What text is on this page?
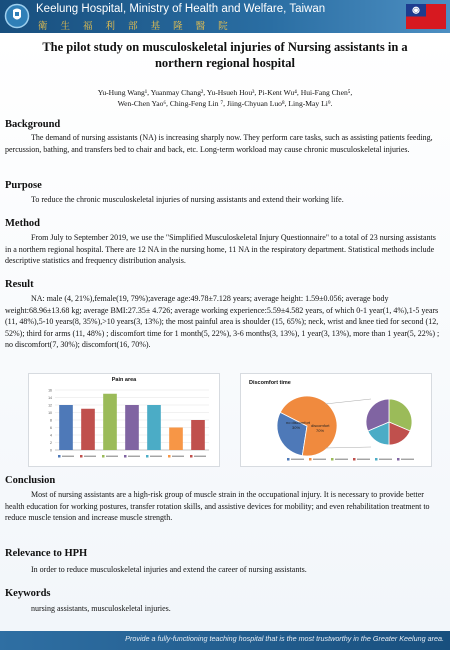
Keelung Hospital, Ministry of Health and Welfare, Taiwan
衛 生 福 利 部 基 隆 醫 院
The pilot study on musculoskeletal injuries of Nursing assistants in a northern regional hospital
Yu-Hung Wang¹, Yuanmay Chang², Yu-Hsueh Hou³, Pi-Kent Wu⁴, Hui-Fang Chen⁵,
Wen-Chen Yao⁶, Ching-Feng Lin ⁷, Jiing-Chyuan Luo⁸, Ling-May Li⁹.
Background
The demand of nursing assistants (NA) is increasing sharply now. They perform care tasks, such as assisting patients feeding, percussion, bathing, and transfers bed to chair and back, etc. Long-term workload may cause chronic musculoskeletal injuries.
Purpose
To reduce the chronic musculoskeletal injuries of nursing assistants and extend their working life.
Method
From July to September 2019, we use the "Simplified Musculoskeletal Injury Questionnaire" to a total of 23 nursing assistants in a northern regional hospital. There are 12 NA in the nursing home, 11 NA in the respiratory department. Statistical methods include descriptive statistics and frequency distribution analysis.
Result
NA: male (4, 21%),female(19, 79%);average age:49.78±7.128 years; average height: 1.59±0.056; average body weight:68.96±13.68 kg; average BMI:27.35± 4.726; average working experience:5.59±4.582 years, of which 0-1 year(1, 4%),1-5 years (11, 48%),5-10 years(8, 35%),>10 years(3, 13%); the most painful area is shoulder (15, 65%); neck, wrist and knee tied for second (12, 52%); third for arms (11, 48%) ; discomfort time for 1 month(5, 22%), 3-6 months(3, 13%), 1 year(3, 13%), more than 1 year(5, 22%) ; no discomfort(7, 30%); discomfort(16, 70%).
Pain area
0
2
4
6
8
10
12
14
16
Discomfort time
no discomfort
30%	discomfort
70%
Conclusion
Most of nursing assistants are a high-risk group of muscle strain in the occupational injury. It is necessary to provide better health education for working postures, transfer rotation skills, and assistive devices for mobility; and even rehabilitation treatment to reduce muscle tension and increase muscle strength.
Relevance to HPH
In order to reduce musculoskeletal injuries and extend the career of nursing assistants.
Keywords
nursing assistants, musculoskeletal injuries.
Provide a fully-functioning teaching hospital that is the most trustworthy in the Greater Keelung area.
